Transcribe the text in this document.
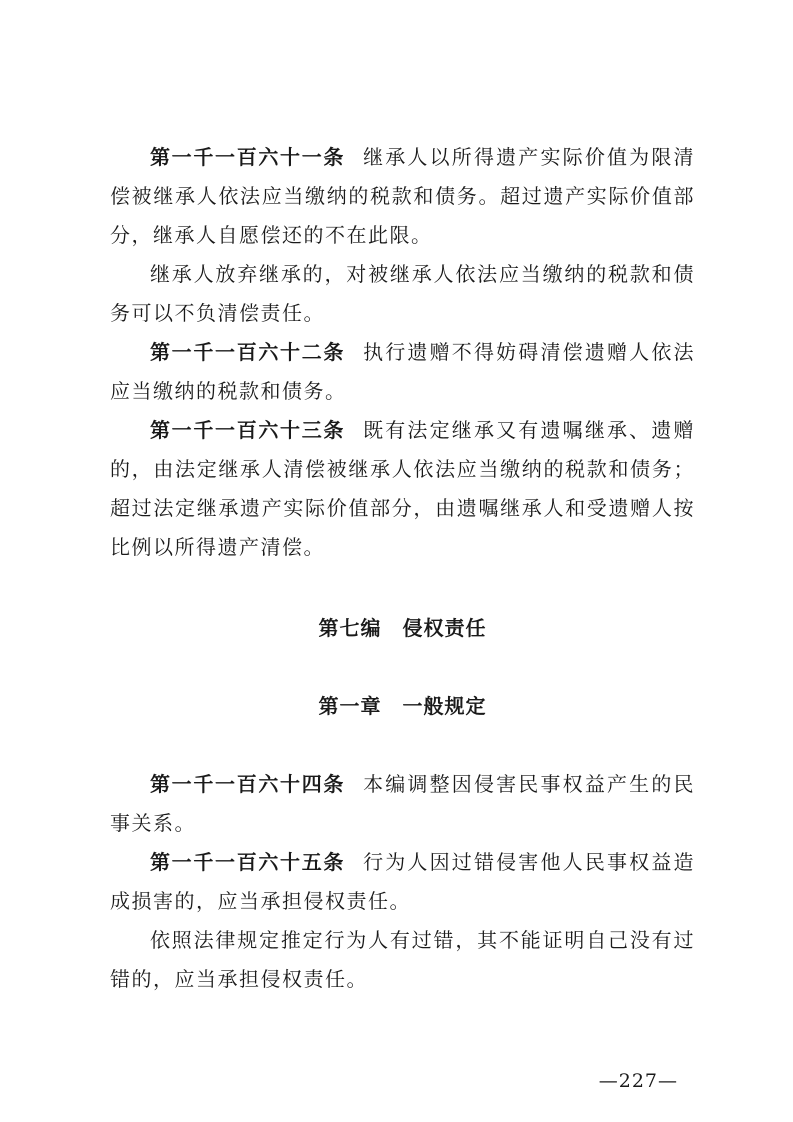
第一千一百六十一条 继承人以所得遗产实际价值为限清偿被继承人依法应当缴纳的税款和债务。超过遗产实际价值部分，继承人自愿偿还的不在此限。

继承人放弃继承的，对被继承人依法应当缴纳的税款和债务可以不负清偿责任。

第一千一百六十二条 执行遗赠不得妨碍清偿遗赠人依法应当缴纳的税款和债务。

第一千一百六十三条 既有法定继承又有遗嘱继承、遗赠的，由法定继承人清偿被继承人依法应当缴纳的税款和债务；超过法定继承遗产实际价值部分，由遗嘱继承人和受遗赠人按比例以所得遗产清偿。

第七编　侵权责任

第一章　一般规定

第一千一百六十四条 本编调整因侵害民事权益产生的民事关系。

第一千一百六十五条 行为人因过错侵害他人民事权益造成损害的，应当承担侵权责任。

依照法律规定推定行为人有过错，其不能证明自己没有过错的，应当承担侵权责任。

—227—
